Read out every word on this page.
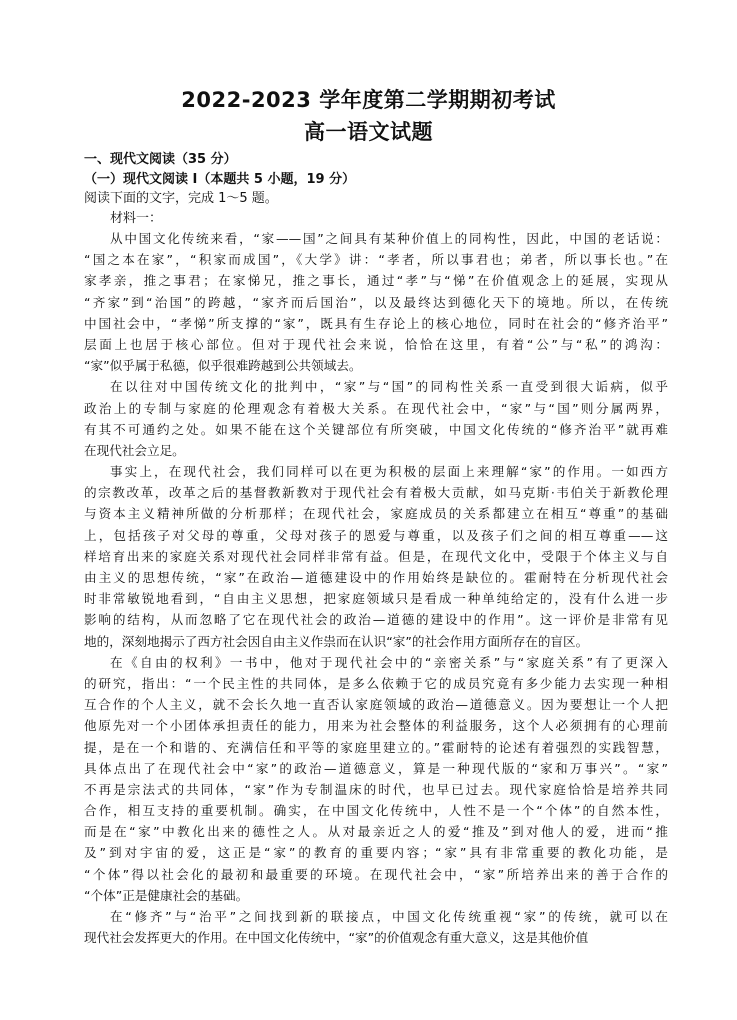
2022-2023 学年度第二学期期初考试
高一语文试题
一、现代文阅读（35 分）
（一）现代文阅读 I（本题共 5 小题，19 分）
阅读下面的文字，完成 1～5 题。
材料一：
从中国文化传统来看，“家——国”之间具有某种价值上的同构性，因此，中国的老话说：
“国之本在家”，“积家而成国”，《大学》讲：“孝者，所以事君也；弟者，所以事长也。”在
家孝亲，推之事君；在家悌兄，推之事长，通过“孝”与“悌”在价值观念上的延展，实现从
“齐家”到“治国”的跨越，“家齐而后国治”，以及最终达到德化天下的境地。所以，在传统
中国社会中，“孝悌”所支撑的“家”，既具有生存论上的核心地位，同时在社会的“修齐治平”
层面上也居于核心部位。但对于现代社会来说，恰恰在这里，有着“公”与“私”的鸿沟：
“家”似乎属于私德，似乎很难跨越到公共领域去。
在以往对中国传统文化的批判中，“家”与“国”的同构性关系一直受到很大诟病，似乎
政治上的专制与家庭的伦理观念有着极大关系。在现代社会中，“家”与“国”则分属两界，
有其不可通约之处。如果不能在这个关键部位有所突破，中国文化传统的“修齐治平”就再难
在现代社会立足。
事实上，在现代社会，我们同样可以在更为积极的层面上来理解“家”的作用。一如西方
的宗教改革，改革之后的基督教新教对于现代社会有着极大贡献，如马克斯·韦伯关于新教伦理
与资本主义精神所做的分析那样；在现代社会，家庭成员的关系都建立在相互“尊重”的基础
上，包括孩子对父母的尊重，父母对孩子的恩爱与尊重，以及孩子们之间的相互尊重——这
样培育出来的家庭关系对现代社会同样非常有益。但是，在现代文化中，受限于个体主义与自
由主义的思想传统，“家”在政治—道德建设中的作用始终是缺位的。霍耐特在分析现代社会
时非常敏锐地看到，“自由主义思想，把家庭领域只是看成一种单纯给定的，没有什么进一步
影响的结构，从而忽略了它在现代社会的政治—道德的建设中的作用”。这一评价是非常有见
地的，深刻地揭示了西方社会因自由主义作祟而在认识“家”的社会作用方面所存在的盲区。
在《自由的权利》一书中，他对于现代社会中的“亲密关系”与“家庭关系”有了更深入
的研究，指出：“一个民主性的共同体，是多么依赖于它的成员究竟有多少能力去实现一种相
互合作的个人主义，就不会长久地一直否认家庭领域的政治—道德意义。因为要想让一个人把
他原先对一个小团体承担责任的能力，用来为社会整体的利益服务，这个人必须拥有的心理前
提，是在一个和谐的、充满信任和平等的家庭里建立的。”霍耐特的论述有着强烈的实践智慧，
具体点出了在现代社会中“家”的政治—道德意义，算是一种现代版的“家和万事兴”。“家”
不再是宗法式的共同体，“家”作为专制温床的时代，也早已过去。现代家庭恰恰是培养共同
合作，相互支持的重要机制。确实，在中国文化传统中，人性不是一个“个体”的自然本性，
而是在“家”中教化出来的德性之人。从对最亲近之人的爱“推及”到对他人的爱，进而“推
及”到对宇宙的爱，这正是“家”的教育的重要内容；“家”具有非常重要的教化功能，是
“个体”得以社会化的最初和最重要的环境。在现代社会中，“家”所培养出来的善于合作的
“个体”正是健康社会的基础。
在“修齐”与“治平”之间找到新的联接点，中国文化传统重视“家”的传统，就可以在
现代社会发挥更大的作用。在中国文化传统中，“家”的价值观念有重大意义，这是其他价值
